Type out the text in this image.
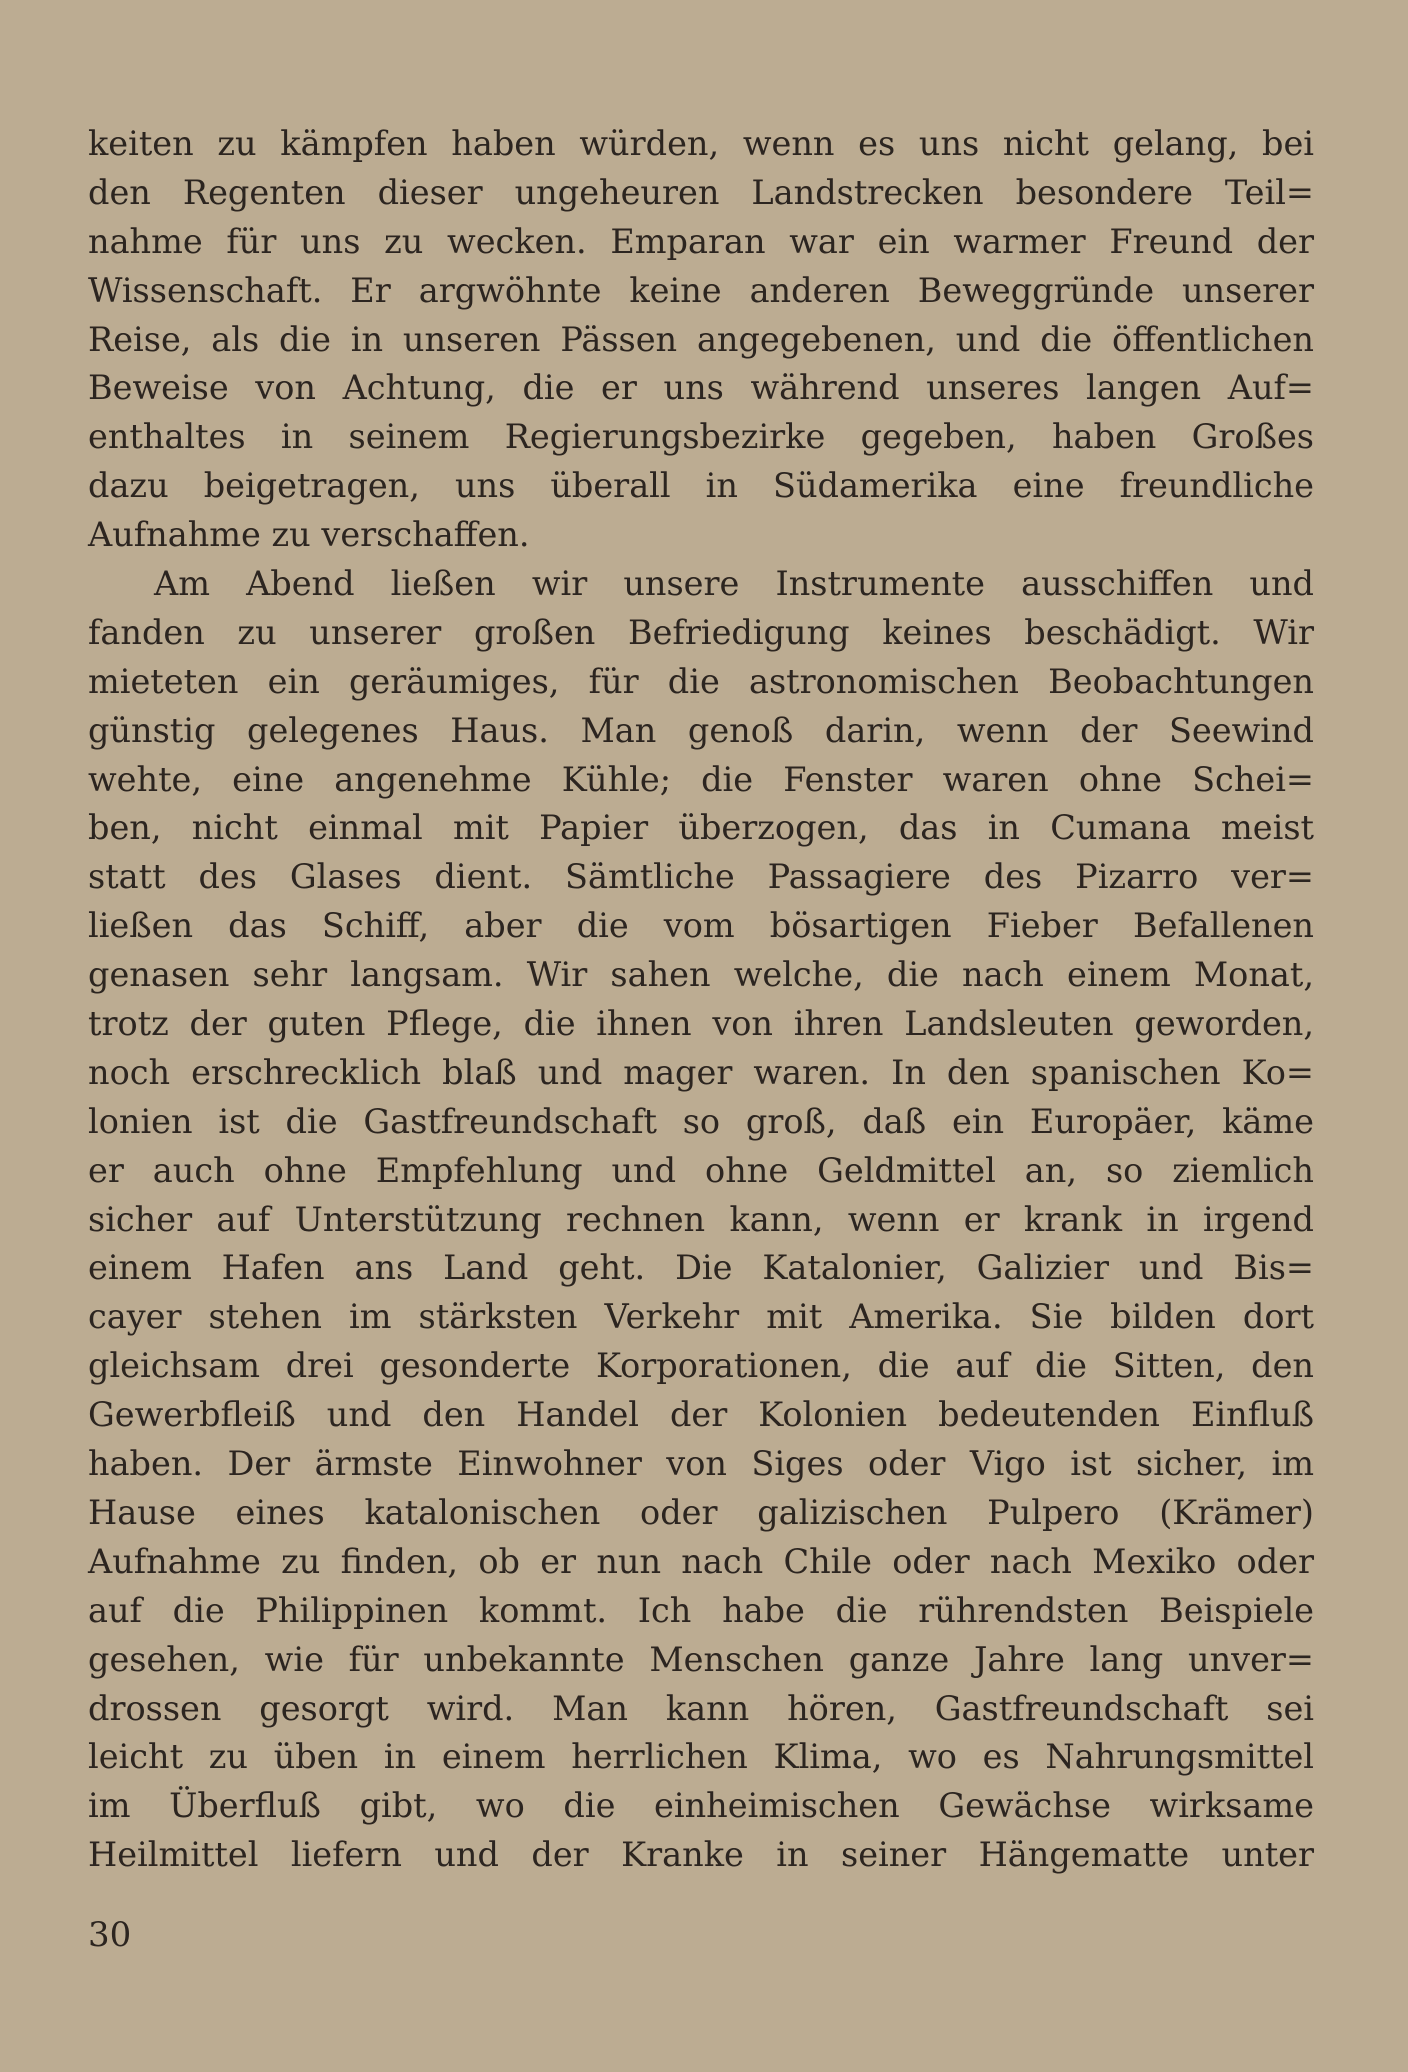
keiten zu kämpfen haben würden, wenn es uns nicht gelang, bei
den Regenten dieser ungeheuren Landstrecken besondere Teil=
nahme für uns zu wecken. Emparan war ein warmer Freund der
Wissenschaft. Er argwöhnte keine anderen Beweggründe unserer
Reise, als die in unseren Pässen angegebenen, und die öffentlichen
Beweise von Achtung, die er uns während unseres langen Auf=
enthaltes in seinem Regierungsbezirke gegeben, haben Großes
dazu beigetragen, uns überall in Südamerika eine freundliche
Aufnahme zu verschaffen.
Am Abend ließen wir unsere Instrumente ausschiffen und
fanden zu unserer großen Befriedigung keines beschädigt. Wir
mieteten ein geräumiges, für die astronomischen Beobachtungen
günstig gelegenes Haus. Man genoß darin, wenn der Seewind
wehte, eine angenehme Kühle; die Fenster waren ohne Schei=
ben, nicht einmal mit Papier überzogen, das in Cumana meist
statt des Glases dient. Sämtliche Passagiere des Pizarro ver=
ließen das Schiff, aber die vom bösartigen Fieber Befallenen
genasen sehr langsam. Wir sahen welche, die nach einem Monat,
trotz der guten Pflege, die ihnen von ihren Landsleuten geworden,
noch erschrecklich blaß und mager waren. In den spanischen Ko=
lonien ist die Gastfreundschaft so groß, daß ein Europäer, käme
er auch ohne Empfehlung und ohne Geldmittel an, so ziemlich
sicher auf Unterstützung rechnen kann, wenn er krank in irgend
einem Hafen ans Land geht. Die Katalonier, Galizier und Bis=
cayer stehen im stärksten Verkehr mit Amerika. Sie bilden dort
gleichsam drei gesonderte Korporationen, die auf die Sitten, den
Gewerbfleiß und den Handel der Kolonien bedeutenden Einfluß
haben. Der ärmste Einwohner von Siges oder Vigo ist sicher, im
Hause eines katalonischen oder galizischen Pulpero (Krämer)
Aufnahme zu finden, ob er nun nach Chile oder nach Mexiko oder
auf die Philippinen kommt. Ich habe die rührendsten Beispiele
gesehen, wie für unbekannte Menschen ganze Jahre lang unver=
drossen gesorgt wird. Man kann hören, Gastfreundschaft sei
leicht zu üben in einem herrlichen Klima, wo es Nahrungsmittel
im Überfluß gibt, wo die einheimischen Gewächse wirksame
Heilmittel liefern und der Kranke in seiner Hängematte unter
30
